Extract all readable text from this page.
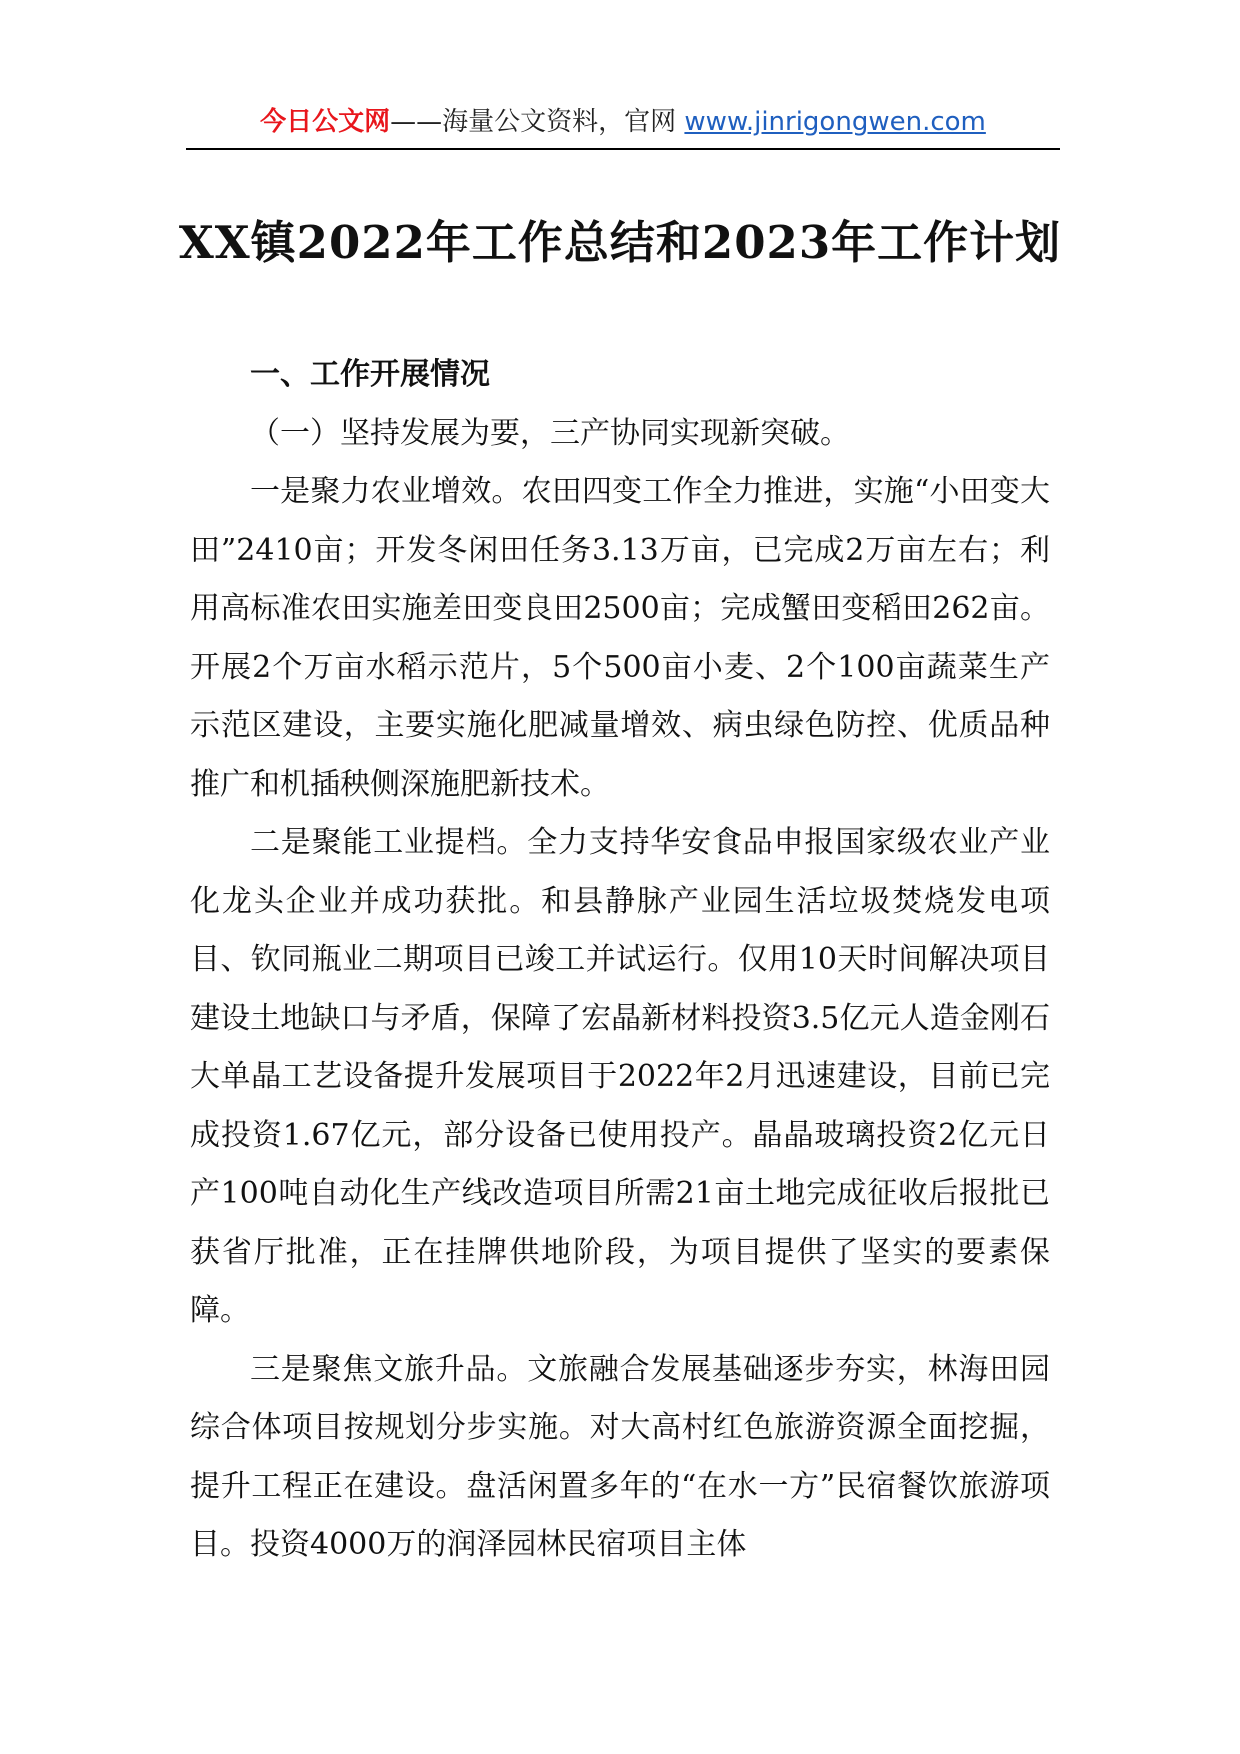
今日公文网——海量公文资料，官网 www.jinrigongwen.com
XX镇2022年工作总结和2023年工作计划

一、工作开展情况

（一）坚持发展为要，三产协同实现新突破。

一是聚力农业增效。农田四变工作全力推进，实施“小田变大田”2410亩；开发冬闲田任务3.13万亩，已完成2万亩左右；利用高标准农田实施差田变良田2500亩；完成蟹田变稻田262亩。开展2个万亩水稻示范片，5个500亩小麦、2个100亩蔬菜生产示范区建设，主要实施化肥减量增效、病虫绿色防控、优质品种推广和机插秧侧深施肥新技术。

二是聚能工业提档。全力支持华安食品申报国家级农业产业化龙头企业并成功获批。和县静脉产业园生活垃圾焚烧发电项目、钦同瓶业二期项目已竣工并试运行。仅用10天时间解决项目建设土地缺口与矛盾，保障了宏晶新材料投资3.5亿元人造金刚石大单晶工艺设备提升发展项目于2022年2月迅速建设，目前已完成投资1.67亿元，部分设备已使用投产。晶晶玻璃投资2亿元日产100吨自动化生产线改造项目所需21亩土地完成征收后报批已获省厅批准，正在挂牌供地阶段，为项目提供了坚实的要素保障。

三是聚焦文旅升品。文旅融合发展基础逐步夯实，林海田园综合体项目按规划分步实施。对大高村红色旅游资源全面挖掘，提升工程正在建设。盘活闲置多年的“在水一方”民宿餐饮旅游项目。投资4000万的润泽园林民宿项目主体
